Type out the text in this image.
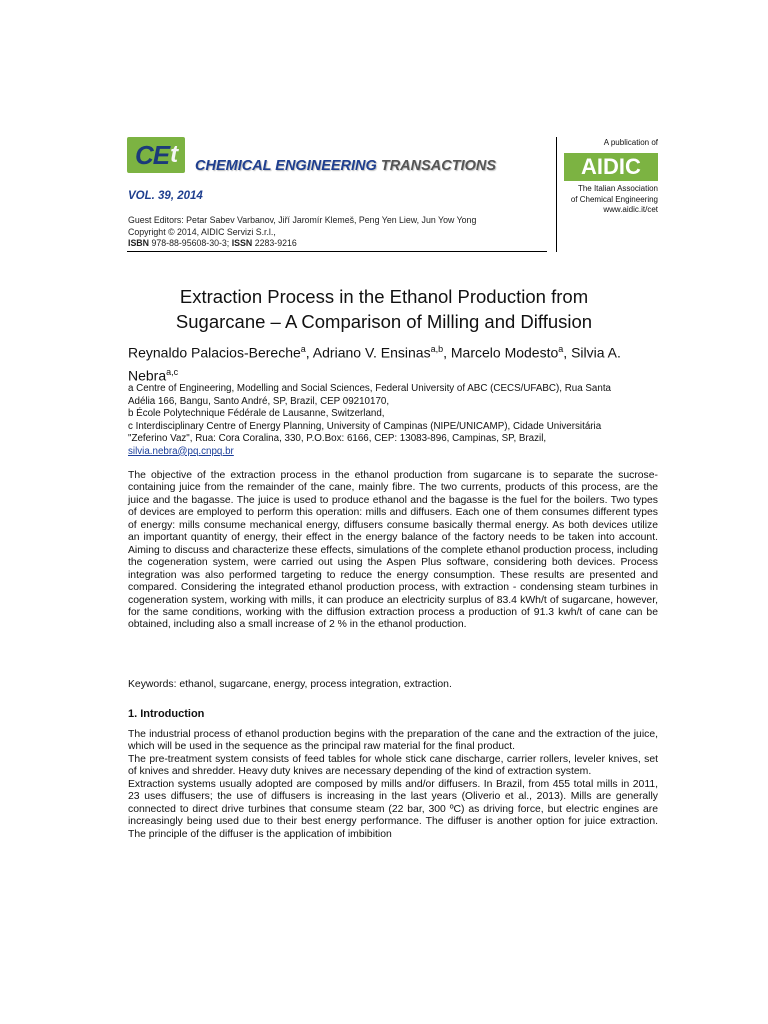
CE t CHEMICAL ENGINEERING TRANSACTIONS
VOL. 39, 2014
Guest Editors: Petar Sabev Varbanov, Jiří Jaromír Klemeš, Peng Yen Liew, Jun Yow Yong
Copyright © 2014, AIDIC Servizi S.r.l.,
ISBN 978-88-95608-30-3; ISSN 2283-9216
A publication of
AIDIC
The Italian Association
of Chemical Engineering
www.aidic.it/cet
Extraction Process in the Ethanol Production from
Sugarcane – A Comparison of Milling and Diffusion
Reynaldo Palacios-Bereche$^a$, Adriano V. Ensinas$^{a,b}$, Marcelo Modesto$^a$, Silvia A. Nebra$^{a,c}$
a Centre of Engineering, Modelling and Social Sciences, Federal University of ABC (CECS/UFABC), Rua Santa
Adélia 166, Bangu, Santo André, SP, Brazil, CEP 09210170,
b École Polytechnique Fédérale de Lausanne, Switzerland,
c Interdisciplinary Centre of Energy Planning, University of Campinas (NIPE/UNICAMP), Cidade Universitária
"Zeferino Vaz", Rua: Cora Coralina, 330, P.O.Box: 6166, CEP: 13083-896, Campinas, SP, Brazil,
silvia.nebra@pq.cnpq.br

The objective of the extraction process in the ethanol production from sugarcane is to separate the sucrose-containing juice from the remainder of the cane, mainly fibre. The two currents, products of this process, are the juice and the bagasse. The juice is used to produce ethanol and the bagasse is the fuel for the boilers. Two types of devices are employed to perform this operation: mills and diffusers. Each one of them consumes different types of energy: mills consume mechanical energy, diffusers consume basically thermal energy. As both devices utilize an important quantity of energy, their effect in the energy balance of the factory needs to be taken into account. Aiming to discuss and characterize these effects, simulations of the complete ethanol production process, including the cogeneration system, were carried out using the Aspen Plus software, considering both devices. Process integration was also performed targeting to reduce the energy consumption. These results are presented and compared. Considering the integrated ethanol production process, with extraction - condensing steam turbines in cogeneration system, working with mills, it can produce an electricity surplus of 83.4 kWh/t of sugarcane, however, for the same conditions, working with the diffusion extraction process a production of 91.3 kwh/t of cane can be obtained, including also a small increase of 2 % in the ethanol production.

Keywords: ethanol, sugarcane, energy, process integration, extraction.
1. Introduction

The industrial process of ethanol production begins with the preparation of the cane and the extraction of the juice, which will be used in the sequence as the principal raw material for the final product.

The pre-treatment system consists of feed tables for whole stick cane discharge, carrier rollers, leveler knives, set of knives and shredder. Heavy duty knives are necessary depending of the kind of extraction system.

Extraction systems usually adopted are composed by mills and/or diffusers. In Brazil, from 455 total mills in 2011, 23 uses diffusers; the use of diffusers is increasing in the last years (Oliverio et al., 2013). Mills are generally connected to direct drive turbines that consume steam (22 bar, 300 ºC) as driving force, but electric engines are increasingly being used due to their best energy performance. The diffuser is another option for juice extraction. The principle of the diffuser is the application of imbibition
